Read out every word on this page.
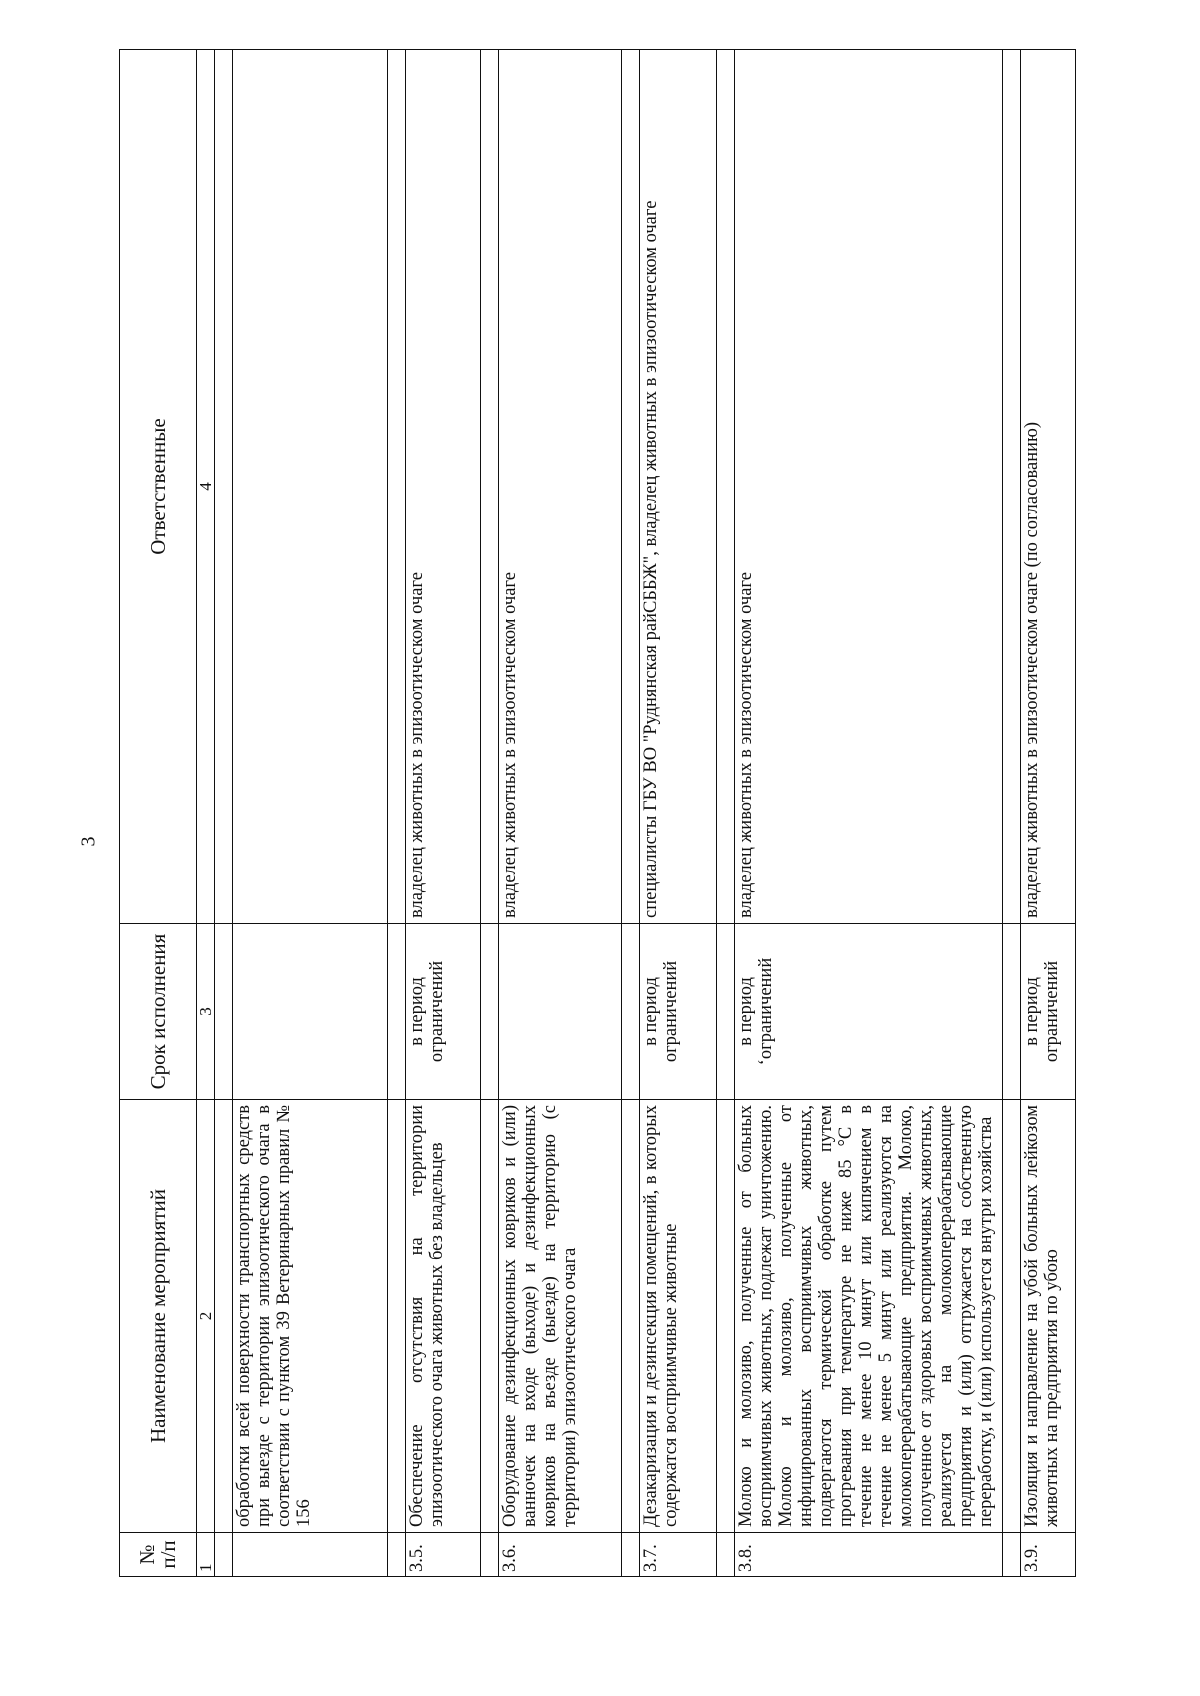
3
№ п/п	Наименование мероприятий	Срок исполнения	Ответственные
1	2	3	4

	обработки всей поверхности транспортных средств при выезде с территории эпизоотического очага в соответствии с пунктом 39 Ветеринарных правил № 156		

3.5.	Обеспечение отсутствия на территории эпизоотического очага животных без владельцев	в период ограничений	владелец животных в эпизоотическом очаге

3.6.	Оборудование дезинфекционных ковриков и (или) ванночек на входе (выходе) и дезинфекционных ковриков на въезде (выезде) на территорию (с территории) эпизоотического очага		владелец животных в эпизоотическом очаге

3.7.	Дезакаризация и дезинсекция помещений, в которых содержатся восприимчивые животные	в период ограничений	специалисты ГБУ ВО "Руднянская райСББЖ", владелец животных в эпизоотическом очаге

3.8.	Молоко и молозиво, полученные от больных восприимчивых животных, подлежат уничтожению. Молоко и молозиво, полученные от инфицированных восприимчивых животных, подвергаются термической обработке путем прогревания при температуре не ниже 85 °С в течение не менее 10 минут или кипячением в течение не менее 5 минут или реализуются на молокоперерабатывающие предприятия. Молоко, полученное от здоровых восприимчивых животных, реализуется на молокоперерабатывающие предприятия и (или) отгружается на собственную переработку, и (или) используется внутри хозяйства	в период ‘ограничений	владелец животных в эпизоотическом очаге

3.9.	Изоляция и направление на убой больных лейкозом животных на предприятия по убою	в период ограничений	владелец животных в эпизоотическом очаге (по согласованию)
